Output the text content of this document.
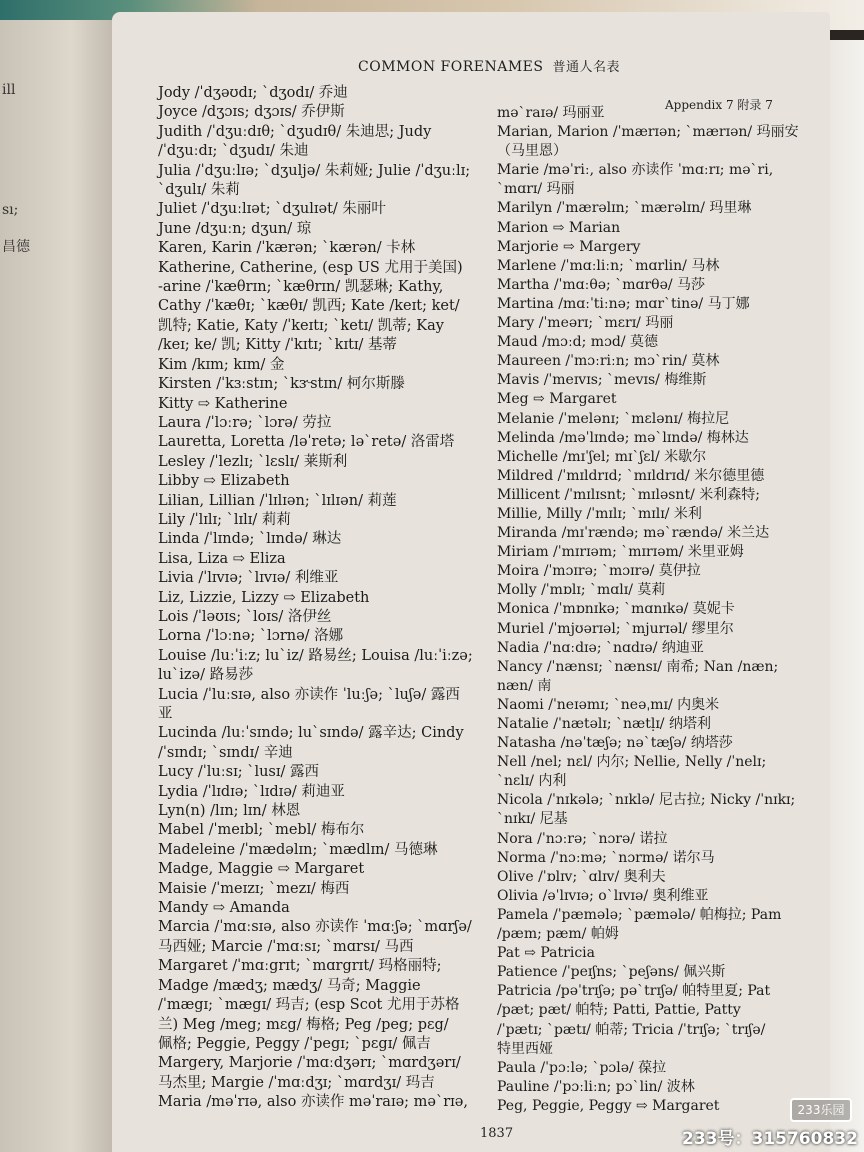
ill
sı;
昌德
COMMON FORENAMES 普通人名表
Appendix 7 附录 7
Jody /ˈdʒəʊdɪ; ˋdʒodɪ/ 乔迪
Joyce /dʒɔɪs; dʒɔɪs/ 乔伊斯
Judith /ˈdʒuːdɪθ; ˋdʒudɪθ/ 朱迪思; Judy
/ˈdʒuːdɪ; ˋdʒudɪ/ 朱迪
Julia /ˈdʒuːlɪə; ˋdʒuljə/ 朱莉娅; Julie /ˈdʒuːlɪ;
ˋdʒulɪ/ 朱莉
Juliet /ˈdʒuːlɪət; ˋdʒulɪət/ 朱丽叶
June /dʒuːn; dʒun/ 琼
Karen, Karin /ˈkærən; ˋkærən/ 卡林
Katherine, Catherine, (esp US 尤用于美国)
-arine /ˈkæθrɪn; ˋkæθrɪn/ 凯瑟琳; Kathy,
Cathy /ˈkæθɪ; ˋkæθɪ/ 凯西; Kate /keɪt; ket/
凯特; Katie, Katy /ˈkeɪtɪ; ˋketɪ/ 凯蒂; Kay
/keɪ; ke/ 凯; Kitty /ˈkɪtɪ; ˋkɪtɪ/ 基蒂
Kim /kɪm; kɪm/ 金
Kirsten /ˈkɜːstɪn; ˋkɝstɪn/ 柯尔斯滕
Kitty ⇨ Katherine
Laura /ˈlɔːrə; ˋlɔrə/ 劳拉
Lauretta, Loretta /ləˈretə; ləˋretə/ 洛雷塔
Lesley /ˈlezlɪ; ˋlɛslɪ/ 莱斯利
Libby ⇨ Elizabeth
Lilian, Lillian /ˈlɪlɪən; ˋlɪlɪən/ 莉莲
Lily /ˈlɪlɪ; ˋlɪlɪ/ 莉莉
Linda /ˈlɪndə; ˋlɪndə/ 琳达
Lisa, Liza ⇨ Eliza
Livia /ˈlɪvɪə; ˋlɪvɪə/ 利维亚
Liz, Lizzie, Lizzy ⇨ Elizabeth
Lois /ˈləʊɪs; ˋloɪs/ 洛伊丝
Lorna /ˈlɔːnə; ˋlɔrnə/ 洛娜
Louise /luːˈiːz; luˋiz/ 路易丝; Louisa /luːˈiːzə;
luˋizə/ 路易莎
Lucia /ˈluːsɪə, also 亦读作 ˈluːʃə; ˋluʃə/ 露西
亚
Lucinda /luːˈsɪndə; luˋsɪndə/ 露辛达; Cindy
/ˈsɪndɪ; ˋsɪndɪ/ 辛迪
Lucy /ˈluːsɪ; ˋlusɪ/ 露西
Lydia /ˈlɪdɪə; ˋlɪdɪə/ 莉迪亚
Lyn(n) /lɪn; lɪn/ 林恩
Mabel /ˈmeɪbl; ˋmebl/ 梅布尔
Madeleine /ˈmædəlɪn; ˋmædlɪn/ 马德琳
Madge, Maggie ⇨ Margaret
Maisie /ˈmeɪzɪ; ˋmezɪ/ 梅西
Mandy ⇨ Amanda
Marcia /ˈmɑːsɪə, also 亦读作 ˈmɑːʃə; ˋmɑrʃə/
马西娅; Marcie /ˈmɑːsɪ; ˋmɑrsɪ/ 马西
Margaret /ˈmɑːgrɪt; ˋmɑrgrɪt/ 玛格丽特;
Madge /mædʒ; mædʒ/ 马奇; Maggie
/ˈmægɪ; ˋmægɪ/ 玛吉; (esp Scot 尤用于苏格
兰) Meg /meg; mɛg/ 梅格; Peg /peg; pɛg/
佩格; Peggie, Peggy /ˈpegɪ; ˋpɛgɪ/ 佩吉
Margery, Marjorie /ˈmɑːdʒərɪ; ˋmɑrdʒərɪ/
马杰里; Margie /ˈmɑːdʒɪ; ˋmɑrdʒɪ/ 玛吉
Maria /məˈrɪə, also 亦读作 məˈraɪə; məˋrɪə,
məˋraɪə/ 玛丽亚
Marian, Marion /ˈmærɪən; ˋmærɪən/ 玛丽安
（马里恩）
Marie /məˈriː, also 亦读作 ˈmɑːrɪ; məˋri,
ˋmɑrɪ/ 玛丽
Marilyn /ˈmærəlɪn; ˋmærəlɪn/ 玛里琳
Marion ⇨ Marian
Marjorie ⇨ Margery
Marlene /ˈmɑːliːn; ˋmɑrlin/ 马林
Martha /ˈmɑːθə; ˋmɑrθə/ 马莎
Martina /mɑːˈtiːnə; mɑrˋtinə/ 马丁娜
Mary /ˈmeərɪ; ˋmɛrɪ/ 玛丽
Maud /mɔːd; mɔd/ 莫德
Maureen /ˈmɔːriːn; mɔˋrin/ 莫林
Mavis /ˈmeɪvɪs; ˋmevɪs/ 梅维斯
Meg ⇨ Margaret
Melanie /ˈmelənɪ; ˋmɛlənɪ/ 梅拉尼
Melinda /məˈlɪndə; məˋlɪndə/ 梅林达
Michelle /mɪˈʃel; mɪˋʃɛl/ 米歇尔
Mildred /ˈmɪldrɪd; ˋmɪldrɪd/ 米尔德里德
Millicent /ˈmɪlɪsnt; ˋmɪləsnt/ 米利森特;
Millie, Milly /ˈmɪlɪ; ˋmɪlɪ/ 米利
Miranda /mɪˈrændə; məˋrændə/ 米兰达
Miriam /ˈmɪrɪəm; ˋmɪrɪəm/ 米里亚姆
Moira /ˈmɔɪrə; ˋmɔɪrə/ 莫伊拉
Molly /ˈmɒlɪ; ˋmɑlɪ/ 莫莉
Monica /ˈmɒnɪkə; ˋmɑnɪkə/ 莫妮卡
Muriel /ˈmjʊərɪəl; ˋmjurɪəl/ 缪里尔
Nadia /ˈnɑːdɪə; ˋnɑdɪə/ 纳迪亚
Nancy /ˈnænsɪ; ˋnænsɪ/ 南希; Nan /næn;
næn/ 南
Naomi /ˈneɪəmɪ; ˋneəˌmɪ/ 内奥米
Natalie /ˈnætəlɪ; ˋnætḷɪ/ 纳塔利
Natasha /nəˈtæʃə; nəˋtæʃə/ 纳塔莎
Nell /nel; nɛl/ 内尔; Nellie, Nelly /ˈnelɪ;
ˋnɛlɪ/ 内利
Nicola /ˈnɪkələ; ˋnɪklə/ 尼古拉; Nicky /ˈnɪkɪ;
ˋnɪkɪ/ 尼基
Nora /ˈnɔːrə; ˋnɔrə/ 诺拉
Norma /ˈnɔːmə; ˋnɔrmə/ 诺尔马
Olive /ˈɒlɪv; ˋɑlɪv/ 奥利夫
Olivia /əˈlɪvɪə; oˋlɪvɪə/ 奥利维亚
Pamela /ˈpæmələ; ˋpæmələ/ 帕梅拉; Pam
/pæm; pæm/ 帕姆
Pat ⇨ Patricia
Patience /ˈpeɪʃns; ˋpeʃəns/ 佩兴斯
Patricia /pəˈtrɪʃə; pəˋtrɪʃə/ 帕特里夏; Pat
/pæt; pæt/ 帕特; Patti, Pattie, Patty
/ˈpætɪ; ˋpætɪ/ 帕蒂; Tricia /ˈtrɪʃə; ˋtrɪʃə/
特里西娅
Paula /ˈpɔːlə; ˋpɔlə/ 葆拉
Pauline /ˈpɔːliːn; pɔˋlin/ 波林
Peg, Peggie, Peggy ⇨ Margaret
1837
233乐园
233号：315760832
